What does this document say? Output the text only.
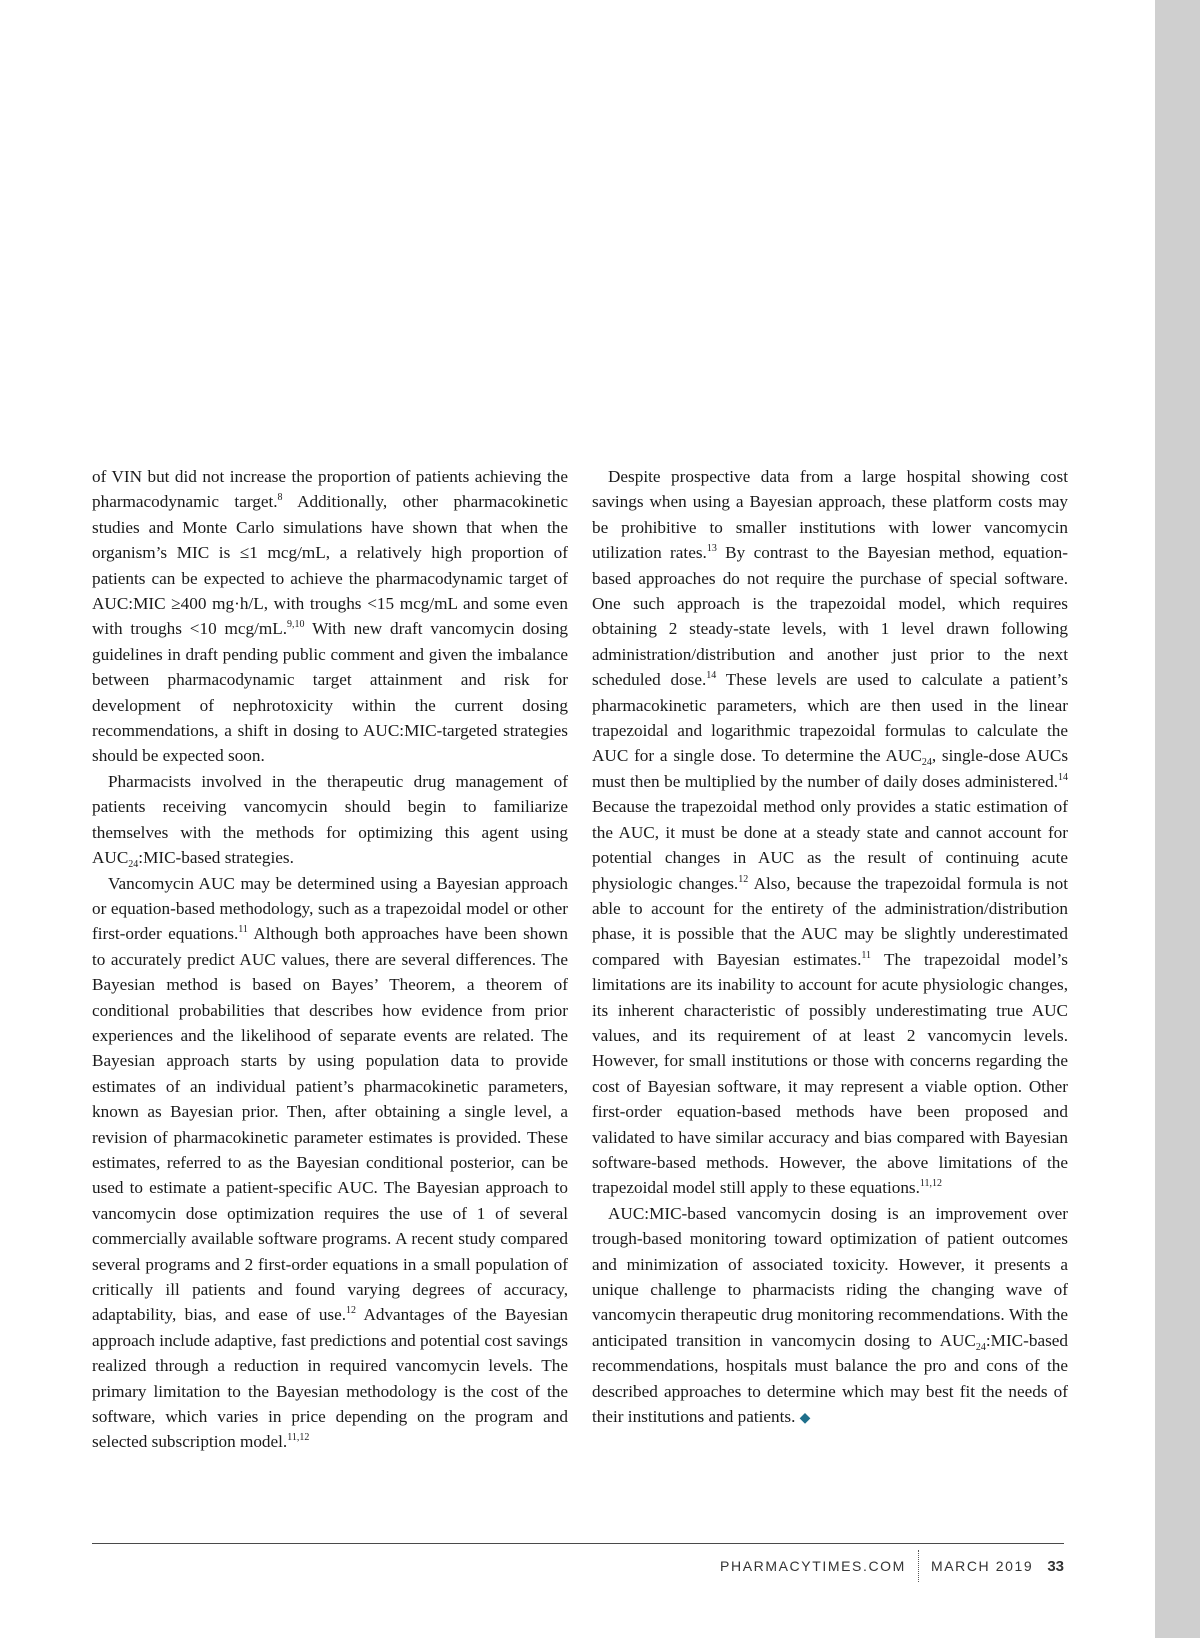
of VIN but did not increase the proportion of patients achieving the pharmacodynamic target.$^8$ Additionally, other pharmacokinetic studies and Monte Carlo simulations have shown that when the organism’s MIC is ≤1 mcg/mL, a relatively high proportion of patients can be expected to achieve the pharmacodynamic target of AUC:MIC ≥400 mg·h/L, with troughs <15 mcg/mL and some even with troughs <10 mcg/mL.$^{9,10}$ With new draft vancomycin dosing guidelines in draft pending public comment and given the imbalance between pharmacodynamic target attainment and risk for development of nephrotoxicity within the current dosing recommendations, a shift in dosing to AUC:MIC-targeted strategies should be expected soon.

Pharmacists involved in the therapeutic drug management of patients receiving vancomycin should begin to familiarize themselves with the methods for optimizing this agent using $AUC_{24}:MIC$-based strategies.

Vancomycin AUC may be determined using a Bayesian approach or equation-based methodology, such as a trapezoidal model or other first-order equations.$^{11}$ Although both approaches have been shown to accurately predict AUC values, there are several differences. The Bayesian method is based on Bayes’ Theorem, a theorem of conditional probabilities that describes how evidence from prior experiences and the likelihood of separate events are related. The Bayesian approach starts by using population data to provide estimates of an individual patient’s pharmacokinetic parameters, known as Bayesian prior. Then, after obtaining a single level, a revision of pharmacokinetic parameter estimates is provided. These estimates, referred to as the Bayesian conditional posterior, can be used to estimate a patient-specific AUC. The Bayesian approach to vancomycin dose optimization requires the use of 1 of several commercially available software programs. A recent study compared several programs and 2 first-order equations in a small population of critically ill patients and found varying degrees of accuracy, adaptability, bias, and ease of use.$^{12}$ Advantages of the Bayesian approach include adaptive, fast predictions and potential cost savings realized through a reduction in required vancomycin levels. The primary limitation to the Bayesian methodology is the cost of the software, which varies in price depending on the program and selected subscription model.$^{11,12}$

Despite prospective data from a large hospital showing cost savings when using a Bayesian approach, these platform costs may be prohibitive to smaller institutions with lower vancomycin utilization rates.$^{13}$ By contrast to the Bayesian method, equation-based approaches do not require the purchase of special software. One such approach is the trapezoidal model, which requires obtaining 2 steady-state levels, with 1 level drawn following administration/distribution and another just prior to the next scheduled dose.$^{14}$ These levels are used to calculate a patient’s pharmacokinetic parameters, which are then used in the linear trapezoidal and logarithmic trapezoidal formulas to calculate the AUC for a single dose. To determine the $AUC_{24}$, single-dose AUCs must then be multiplied by the number of daily doses administered.$^{14}$ Because the trapezoidal method only provides a static estimation of the AUC, it must be done at a steady state and cannot account for potential changes in AUC as the result of continuing acute physiologic changes.$^{12}$ Also, because the trapezoidal formula is not able to account for the entirety of the administration/distribution phase, it is possible that the AUC may be slightly underestimated compared with Bayesian estimates.$^{11}$ The trapezoidal model’s limitations are its inability to account for acute physiologic changes, its inherent characteristic of possibly underestimating true AUC values, and its requirement of at least 2 vancomycin levels. However, for small institutions or those with concerns regarding the cost of Bayesian software, it may represent a viable option. Other first-order equation-based methods have been proposed and validated to have similar accuracy and bias compared with Bayesian software-based methods. However, the above limitations of the trapezoidal model still apply to these equations.$^{11,12}$

AUC:MIC-based vancomycin dosing is an improvement over trough-based monitoring toward optimization of patient outcomes and minimization of associated toxicity. However, it presents a unique challenge to pharmacists riding the changing wave of vancomycin therapeutic drug monitoring recommendations. With the anticipated transition in vancomycin dosing to $AUC_{24}:MIC$-based recommendations, hospitals must balance the pro and cons of the described approaches to determine which may best fit the needs of their institutions and patients. ◆

PHARMACYTIMES.COM MARCH 2019 33
